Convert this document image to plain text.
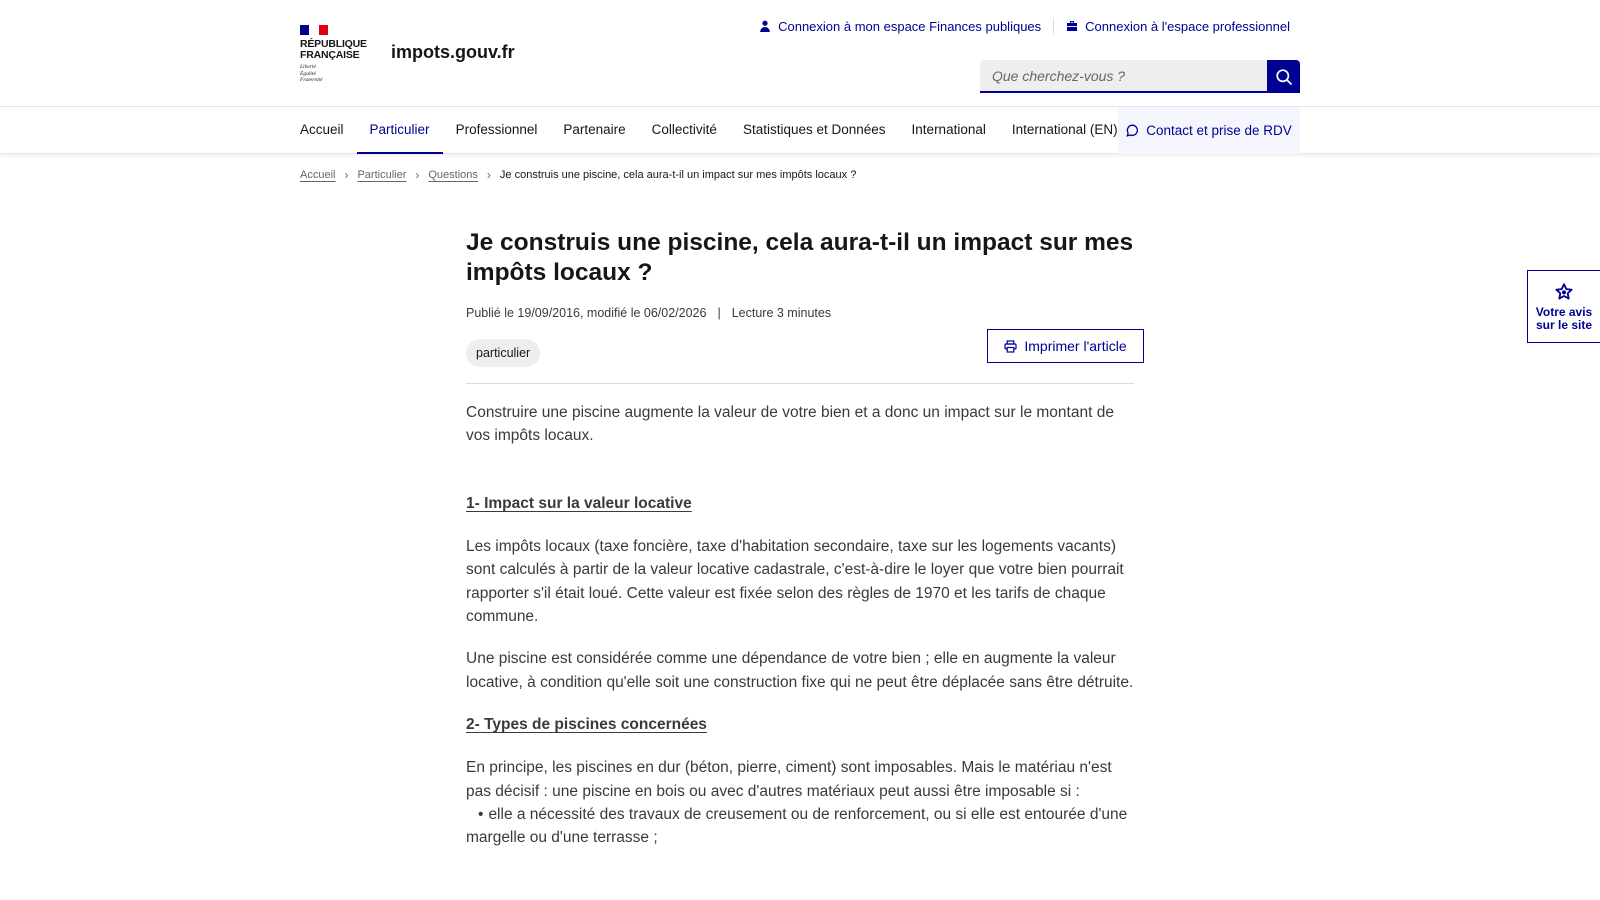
RÉPUBLIQUE
FRANÇAISE
Liberté
Égalité
Fraternité
impots.gouv.fr
Connexion à mon espace Finances publiques	Connexion à l'espace professionnel
Que cherchez-vous ?
Accueil	Particulier	Professionnel	Partenaire	Collectivité	Statistiques et Données	International	International (EN)	Contact et prise de RDV
Accueil › Particulier › Questions › Je construis une piscine, cela aura-t-il un impact sur mes impôts locaux ?
Je construis une piscine, cela aura-t-il un impact sur mes impôts locaux ?
Publié le 19/09/2016, modifié le 06/02/2026 | Lecture 3 minutes
particulier	Imprimer l'article

Construire une piscine augmente la valeur de votre bien et a donc un impact sur le montant de vos impôts locaux.

1- Impact sur la valeur locative

Les impôts locaux (taxe foncière, taxe d'habitation secondaire, taxe sur les logements vacants) sont calculés à partir de la valeur locative cadastrale, c'est-à-dire le loyer que votre bien pourrait rapporter s'il était loué. Cette valeur est fixée selon des règles de 1970 et les tarifs de chaque commune.

Une piscine est considérée comme une dépendance de votre bien ; elle en augmente la valeur locative, à condition qu'elle soit une construction fixe qui ne peut être déplacée sans être détruite.

2- Types de piscines concernées

En principe, les piscines en dur (béton, pierre, ciment) sont imposables. Mais le matériau n'est pas décisif : une piscine en bois ou avec d'autres matériaux peut aussi être imposable si :

• elle a nécessité des travaux de creusement ou de renforcement, ou si elle est entourée d'une margelle ou d'une terrasse ;
Votre avis
sur le site
